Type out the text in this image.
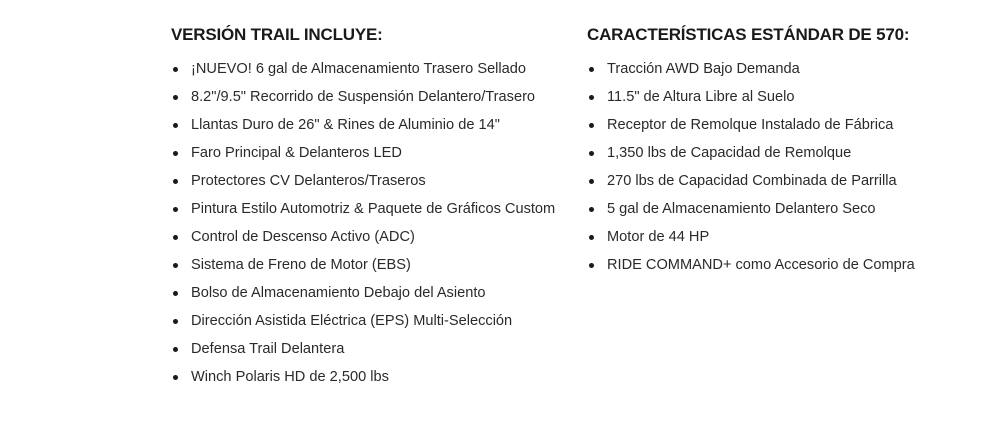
VERSIÓN TRAIL INCLUYE:
¡NUEVO! 6 gal de Almacenamiento Trasero Sellado
8.2"/9.5" Recorrido de Suspensión Delantero/Trasero
Llantas Duro de 26" & Rines de Aluminio de 14"
Faro Principal & Delanteros LED
Protectores CV Delanteros/Traseros
Pintura Estilo Automotriz & Paquete de Gráficos Custom
Control de Descenso Activo (ADC)
Sistema de Freno de Motor (EBS)
Bolso de Almacenamiento Debajo del Asiento
Dirección Asistida Eléctrica (EPS) Multi-Selección
Defensa Trail Delantera
Winch Polaris HD de 2,500 lbs
CARACTERÍSTICAS ESTÁNDAR DE 570:
Tracción AWD Bajo Demanda
11.5" de Altura Libre al Suelo
Receptor de Remolque Instalado de Fábrica
1,350 lbs de Capacidad de Remolque
270 lbs de Capacidad Combinada de Parrilla
5 gal de Almacenamiento Delantero Seco
Motor de 44 HP
RIDE COMMAND+ como Accesorio de Compra
